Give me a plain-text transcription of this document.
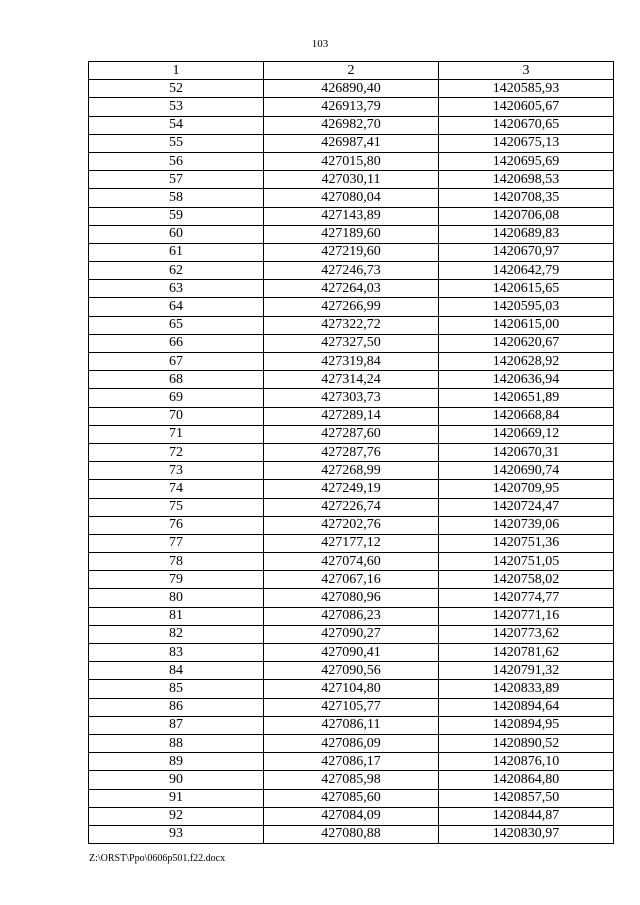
103
1	2	3
52	426890,40	1420585,93
53	426913,79	1420605,67
54	426982,70	1420670,65
55	426987,41	1420675,13
56	427015,80	1420695,69
57	427030,11	1420698,53
58	427080,04	1420708,35
59	427143,89	1420706,08
60	427189,60	1420689,83
61	427219,60	1420670,97
62	427246,73	1420642,79
63	427264,03	1420615,65
64	427266,99	1420595,03
65	427322,72	1420615,00
66	427327,50	1420620,67
67	427319,84	1420628,92
68	427314,24	1420636,94
69	427303,73	1420651,89
70	427289,14	1420668,84
71	427287,60	1420669,12
72	427287,76	1420670,31
73	427268,99	1420690,74
74	427249,19	1420709,95
75	427226,74	1420724,47
76	427202,76	1420739,06
77	427177,12	1420751,36
78	427074,60	1420751,05
79	427067,16	1420758,02
80	427080,96	1420774,77
81	427086,23	1420771,16
82	427090,27	1420773,62
83	427090,41	1420781,62
84	427090,56	1420791,32
85	427104,80	1420833,89
86	427105,77	1420894,64
87	427086,11	1420894,95
88	427086,09	1420890,52
89	427086,17	1420876,10
90	427085,98	1420864,80
91	427085,60	1420857,50
92	427084,09	1420844,87
93	427080,88	1420830,97
Z:\ORST\Ppo\0606p501.f22.docx
